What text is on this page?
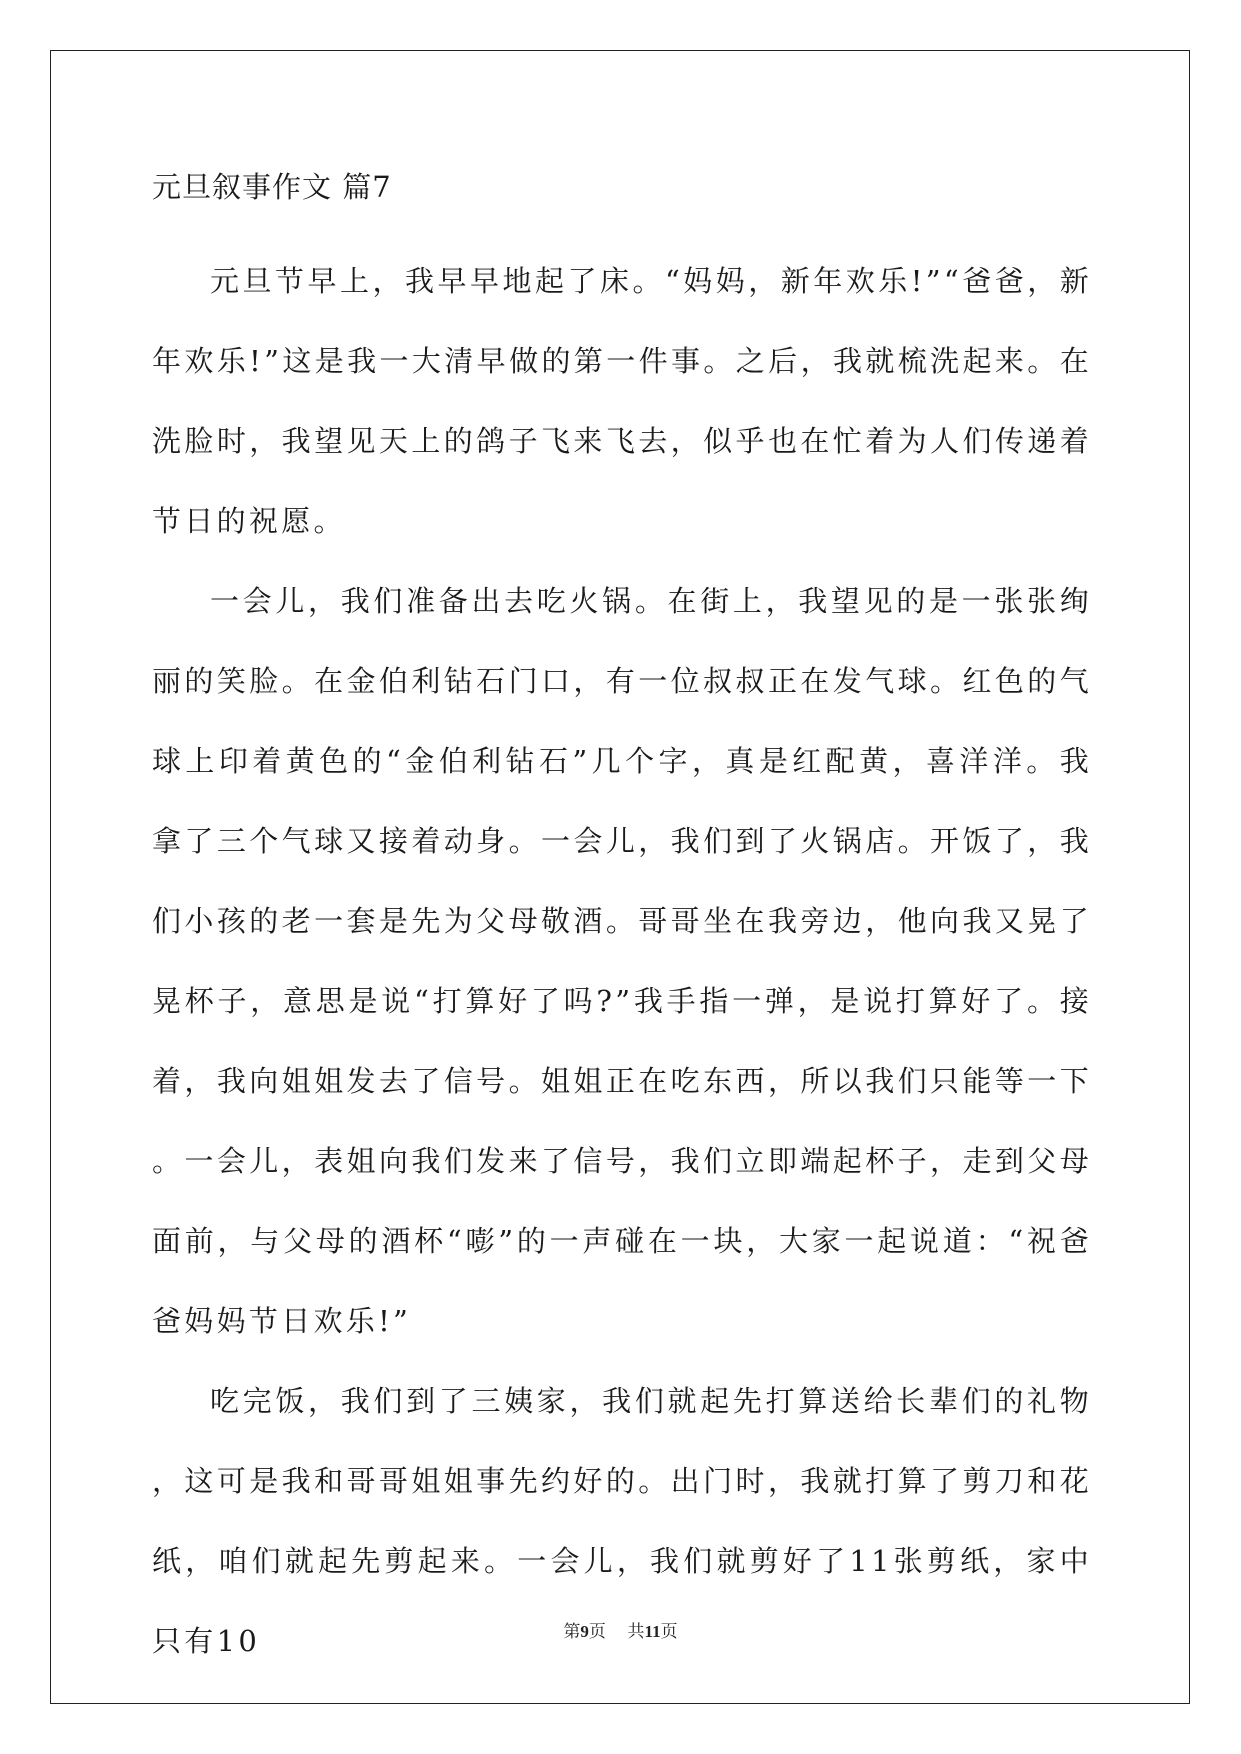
元旦叙事作文 篇7

元旦节早上，我早早地起了床。“妈妈，新年欢乐!”“爸爸，新年欢乐!”这是我一大清早做的第一件事。之后，我就梳洗起来。在洗脸时，我望见天上的鸽子飞来飞去，似乎也在忙着为人们传递着节日的祝愿。

一会儿，我们准备出去吃火锅。在街上，我望见的是一张张绚丽的笑脸。在金伯利钻石门口，有一位叔叔正在发气球。红色的气球上印着黄色的“金伯利钻石”几个字，真是红配黄，喜洋洋。我拿了三个气球又接着动身。一会儿，我们到了火锅店。开饭了，我们小孩的老一套是先为父母敬酒。哥哥坐在我旁边，他向我又晃了晃杯子，意思是说“打算好了吗?”我手指一弹，是说打算好了。接着，我向姐姐发去了信号。姐姐正在吃东西，所以我们只能等一下。一会儿，表姐向我们发来了信号，我们立即端起杯子，走到父母面前，与父母的酒杯“嘭”的一声碰在一块，大家一起说道：“祝爸爸妈妈节日欢乐!”

吃完饭，我们到了三姨家，我们就起先打算送给长辈们的礼物，这可是我和哥哥姐姐事先约好的。出门时，我就打算了剪刀和花纸，咱们就起先剪起来。一会儿，我们就剪好了11张剪纸，家中只有10	第9页 共11页
